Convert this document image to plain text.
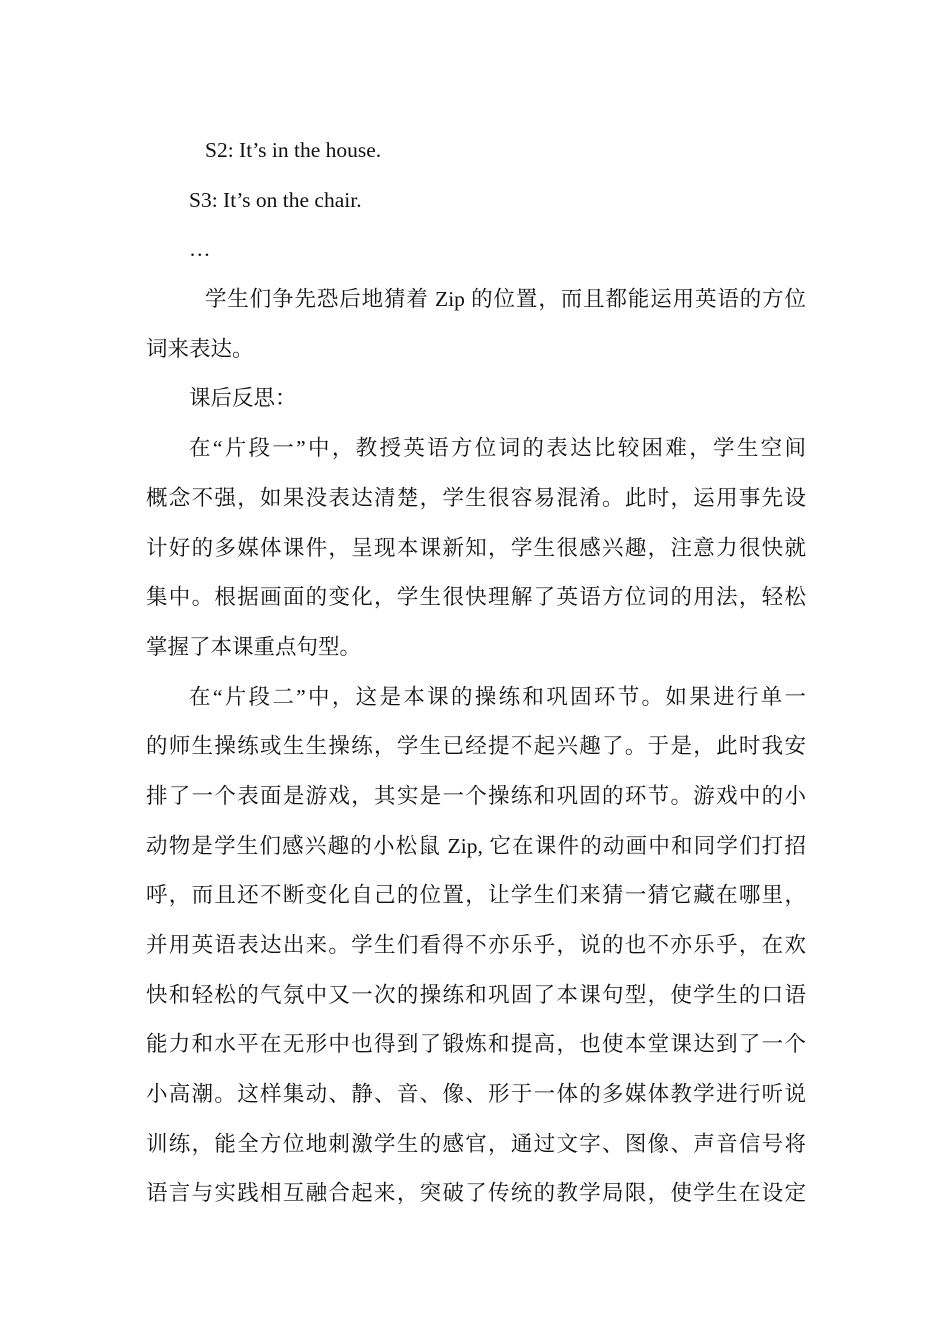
S2: It’s in the house.
S3: It’s on the chair.
…
学生们争先恐后地猜着 Zip 的位置，而且都能运用英语的方位
词来表达。
课后反思：
在“片段一”中，教授英语方位词的表达比较困难，学生空间
概念不强，如果没表达清楚，学生很容易混淆。此时，运用事先设
计好的多媒体课件，呈现本课新知，学生很感兴趣，注意力很快就
集中。根据画面的变化，学生很快理解了英语方位词的用法，轻松
掌握了本课重点句型。
在“片段二”中，这是本课的操练和巩固环节。如果进行单一
的师生操练或生生操练，学生已经提不起兴趣了。于是，此时我安
排了一个表面是游戏，其实是一个操练和巩固的环节。游戏中的小
动物是学生们感兴趣的小松鼠 Zip, 它在课件的动画中和同学们打招
呼，而且还不断变化自己的位置，让学生们来猜一猜它藏在哪里，
并用英语表达出来。学生们看得不亦乐乎，说的也不亦乐乎，在欢
快和轻松的气氛中又一次的操练和巩固了本课句型，使学生的口语
能力和水平在无形中也得到了锻炼和提高，也使本堂课达到了一个
小高潮。这样集动、静、音、像、形于一体的多媒体教学进行听说
训练，能全方位地刺激学生的感官，通过文字、图像、声音信号将
语言与实践相互融合起来，突破了传统的教学局限，使学生在设定
